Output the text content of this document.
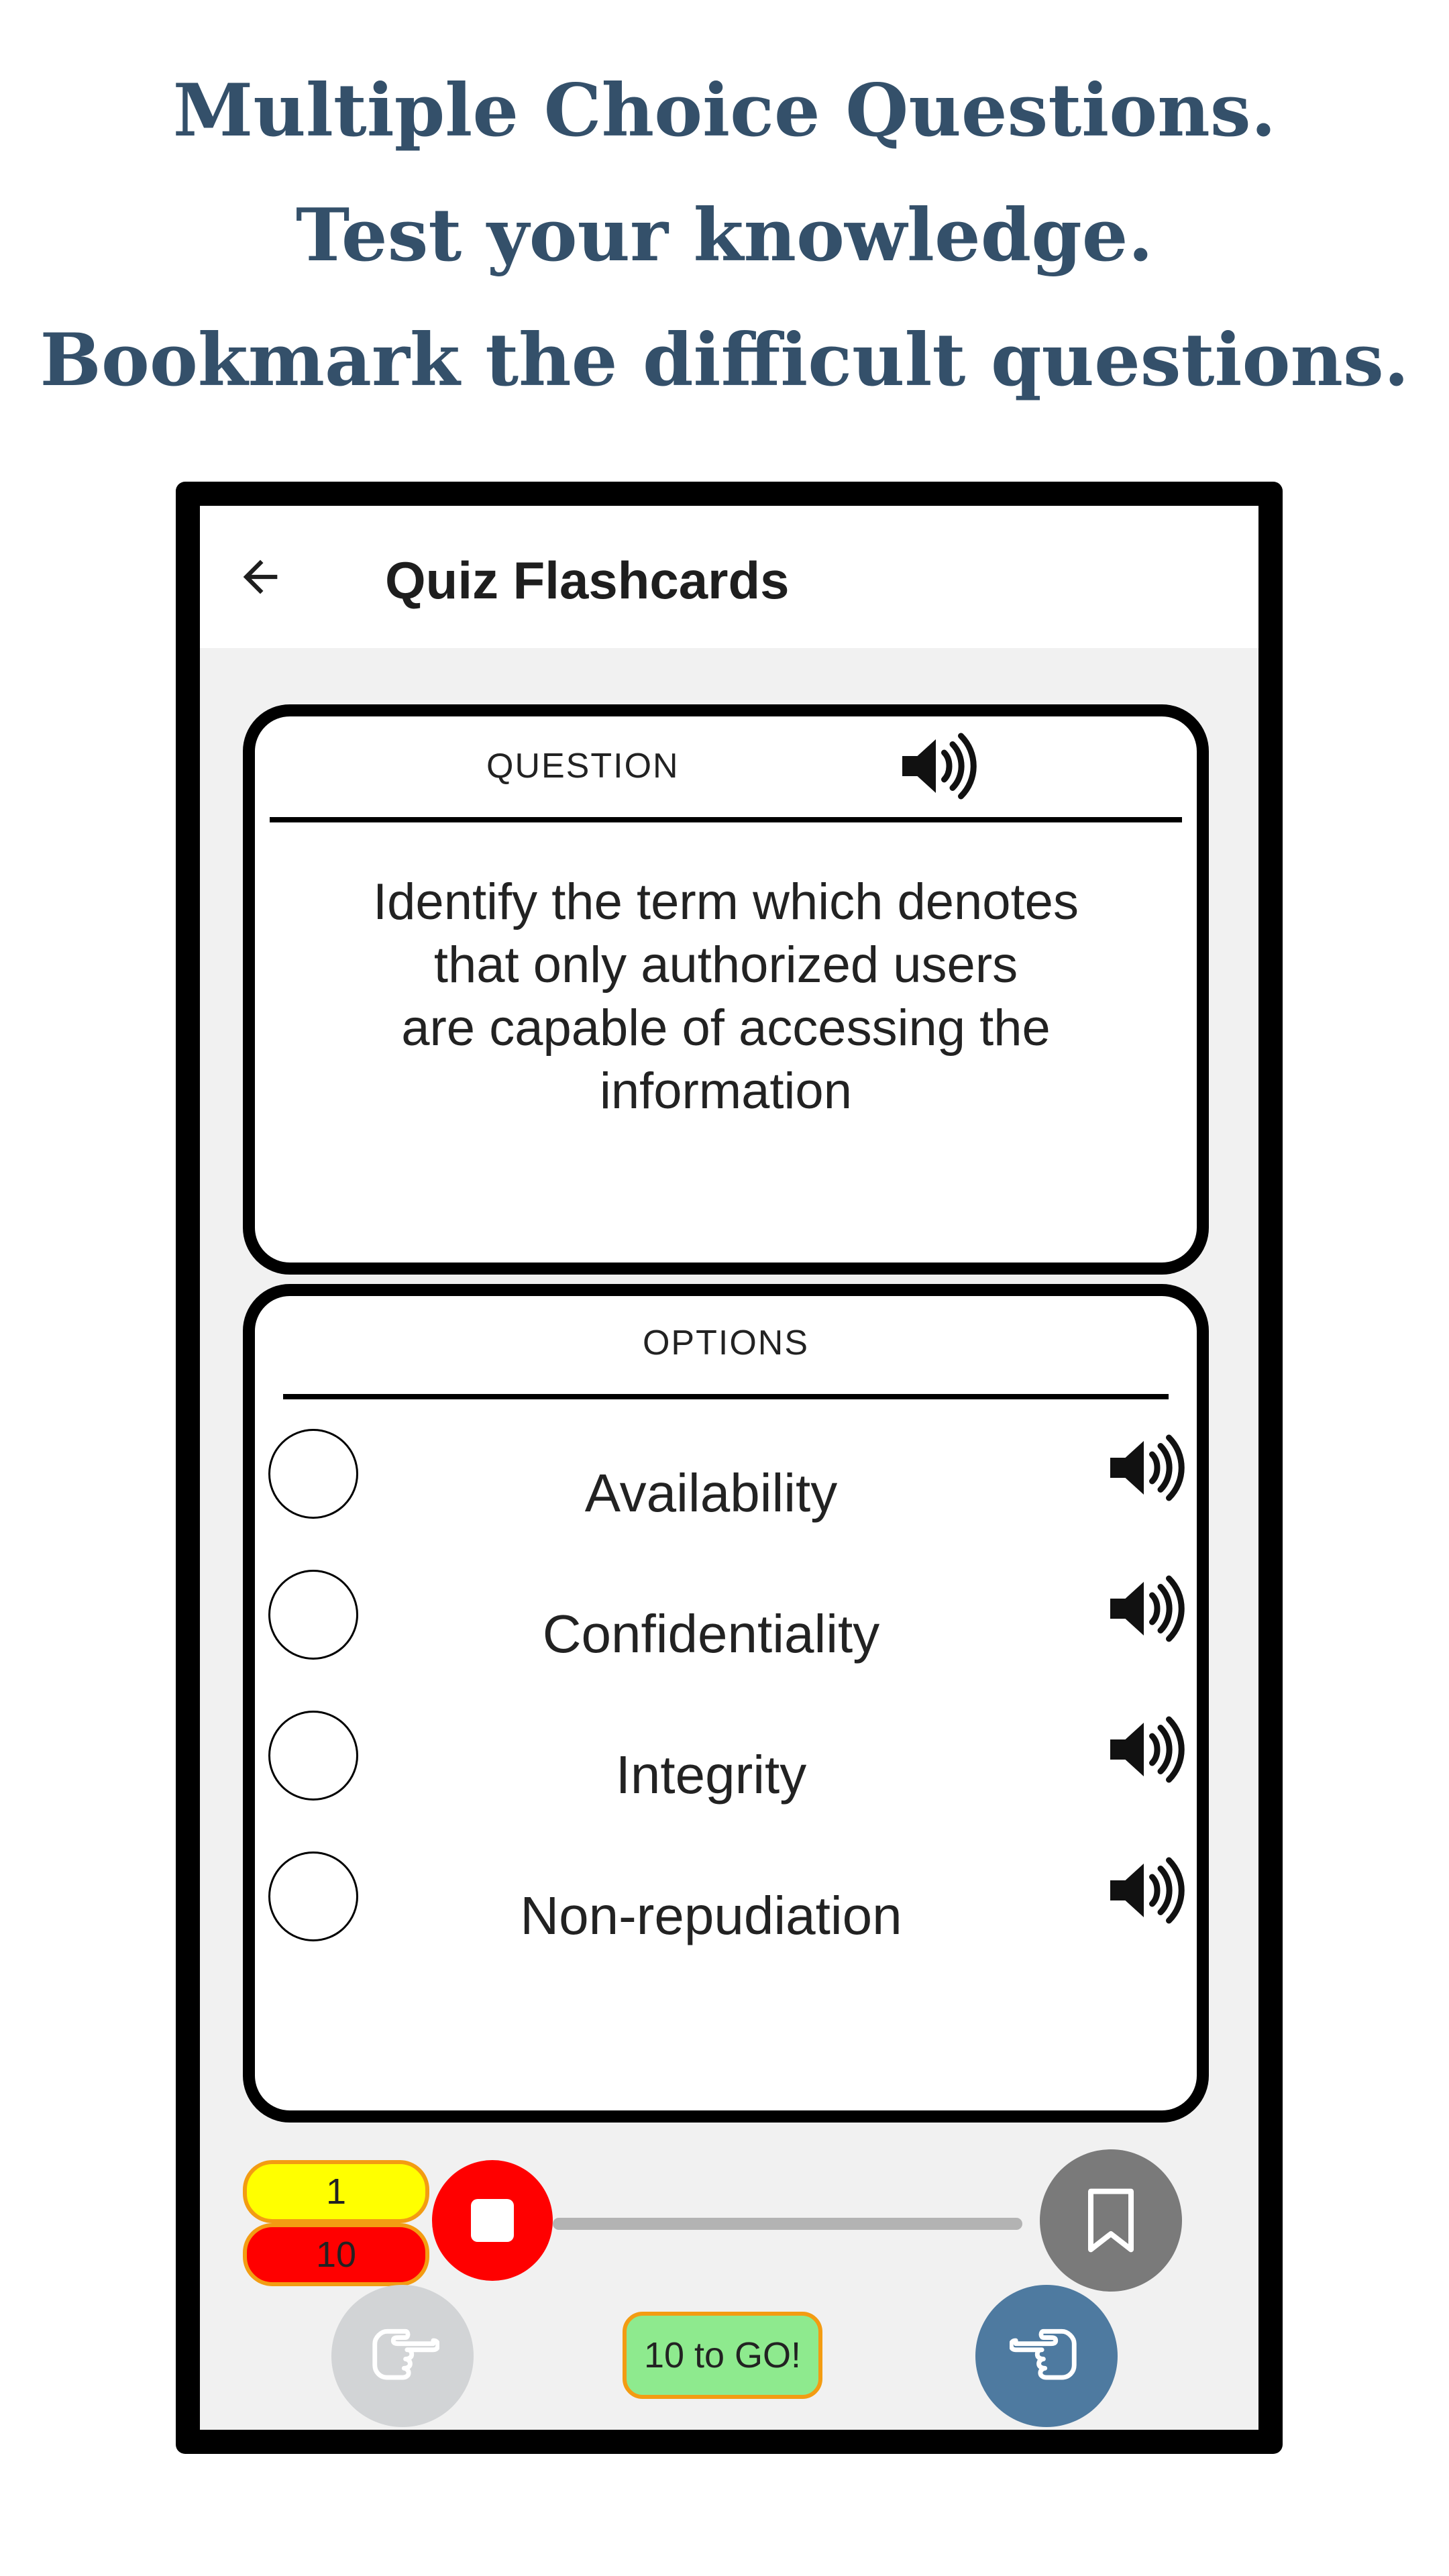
Multiple Choice Questions.
Test your knowledge.
Bookmark the difficult questions.
Quiz Flashcards
QUESTION
Identify the term which denotes
that only authorized users
are capable of accessing the
information
OPTIONS
Availability
Confidentiality
Integrity
Non-repudiation
1
10
10 to GO!
